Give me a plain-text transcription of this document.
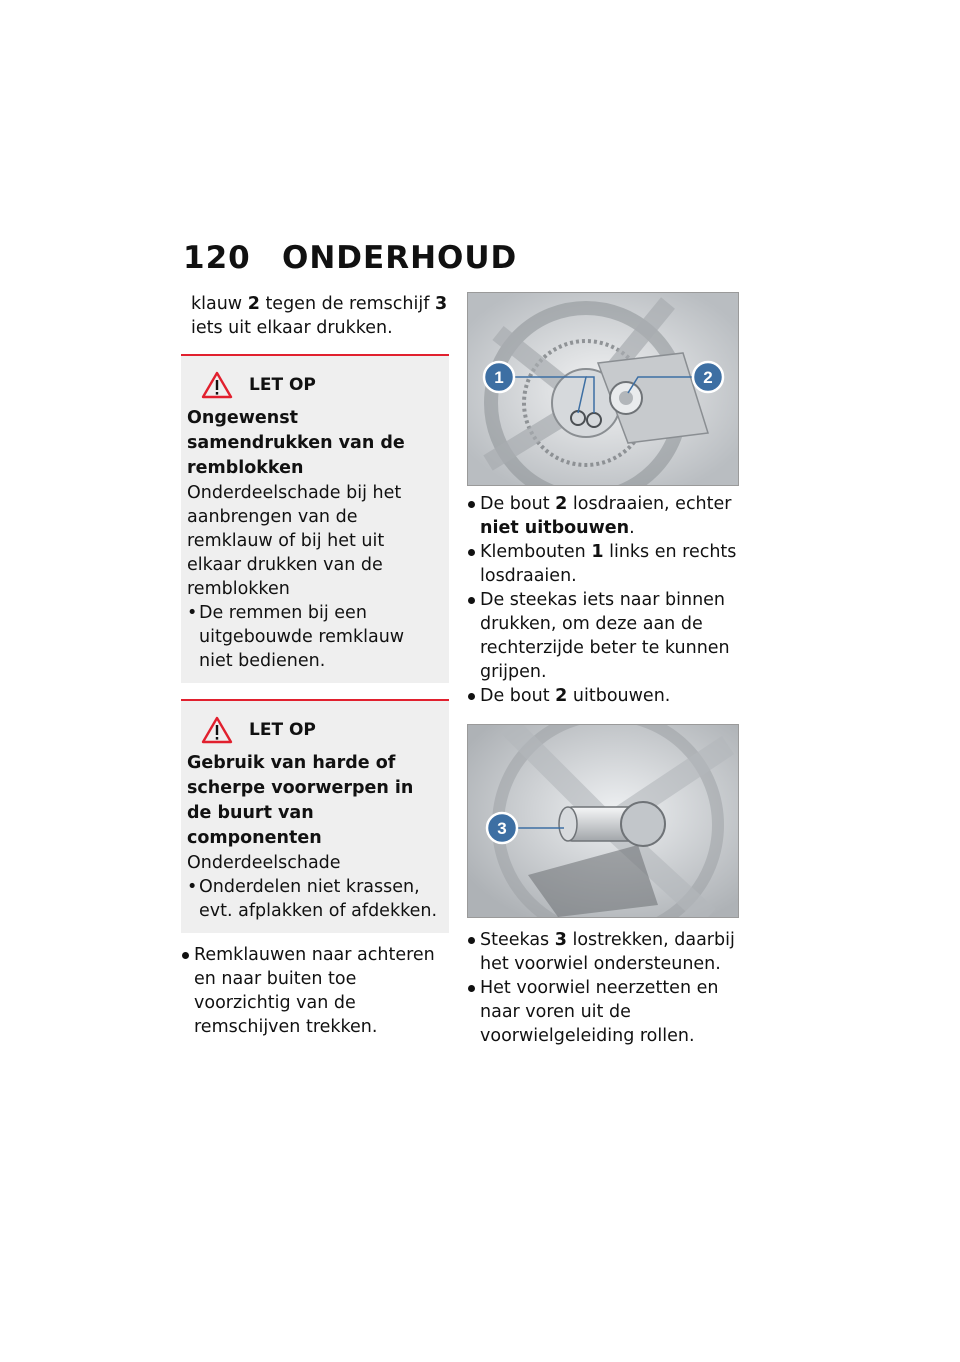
120	ONDERHOUD
klauw 2 tegen de remschijf 3 iets uit elkaar drukken.
LET OP
Ongewenst samendrukken van de remblokken
Onderdeelschade bij het aanbrengen van de remklauw of bij het uit elkaar drukken van de remblokken
• De remmen bij een uitgebouwde remklauw niet bedienen.
LET OP
Gebruik van harde of scherpe voorwerpen in de buurt van componenten
Onderdeelschade
• Onderdelen niet krassen, evt. afplakken of afdekken.
Remklauwen naar achteren en naar buiten toe voorzichtig van de remschijven trekken.
1	2
De bout 2 losdraaien, echter niet uitbouwen.
Klembouten 1 links en rechts losdraaien.
De steekas iets naar binnen drukken, om deze aan de rechterzijde beter te kunnen grijpen.
De bout 2 uitbouwen.
3
Steekas 3 lostrekken, daarbij het voorwiel ondersteunen.
Het voorwiel neerzetten en naar voren uit de voorwielgeleiding rollen.
